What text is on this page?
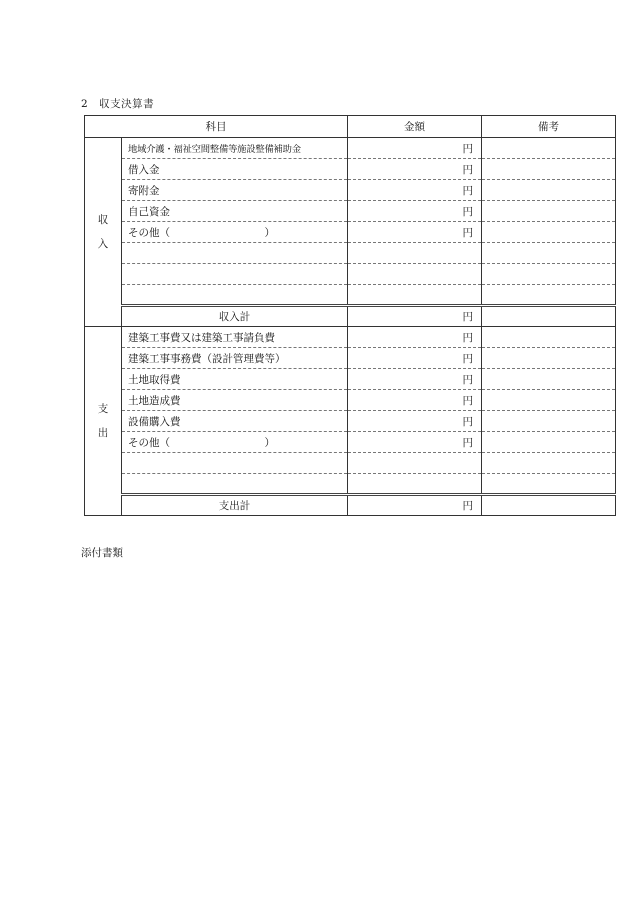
2　収支決算書
科目		金額	備考

収
入	地域介護・福祉空間整備等施設整備補助金	円	
	借入金	円	
	寄附金	円	
	自己資金	円	
	その他（　　　　　　　　　）	円	

	収入計	円	

支
出	建築工事費又は建築工事請負費	円	
	建築工事事務費（設計管理費等）	円	
	土地取得費	円	
	土地造成費	円	
	設備購入費	円	
	その他（　　　　　　　　　）	円	

	支出計	円	
添付書類
